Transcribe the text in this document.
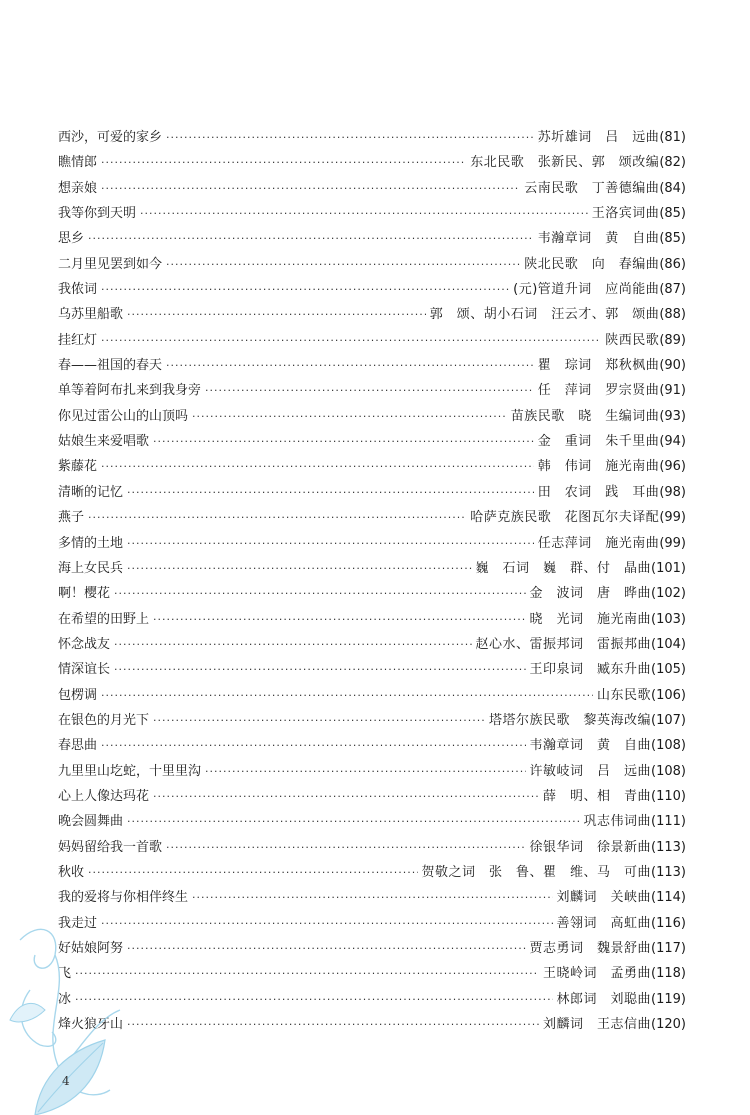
西沙，可爱的家乡 ·····	苏圻雄词　吕　远曲 (81)
瞧情郎 ·····	东北民歌　张新民、郭　颂改编 (82)
想亲娘 ·····	云南民歌　丁善德编曲 (84)
我等你到天明 ·····	王洛宾词曲 (85)
思乡 ·····	韦瀚章词　黄　自曲 (85)
二月里见罢到如今 ·····	陕北民歌　向　春编曲 (86)
我侬词 ·····	(元)管道升词　应尚能曲 (87)
乌苏里船歌 ·····	郭　颂、胡小石词　汪云才、郭　颂曲 (88)
挂红灯 ·····	陕西民歌 (89)
春——祖国的春天 ·····	瞿　琮词　郑秋枫曲 (90)
单等着阿布扎来到我身旁 ·····	任　萍词　罗宗贤曲 (91)
你见过雷公山的山顶吗 ·····	苗族民歌　晓　生编词曲 (93)
姑娘生来爱唱歌 ·····	金　重词　朱千里曲 (94)
紫藤花 ·····	韩　伟词　施光南曲 (96)
清晰的记忆 ·····	田　农词　践　耳曲 (98)
燕子 ·····	哈萨克族民歌　花图瓦尔夫译配 (99)
多情的土地 ·····	任志萍词　施光南曲 (99)
海上女民兵 ·····	巍　石词　巍　群、付　晶曲 (101)
啊！樱花 ·····	金　波词　唐　晔曲 (102)
在希望的田野上 ·····	晓　光词　施光南曲 (103)
怀念战友 ·····	赵心水、雷振邦词　雷振邦曲 (104)
情深谊长 ·····	王印泉词　臧东升曲 (105)
包楞调 ·····	山东民歌 (106)
在银色的月光下 ·····	塔塔尔族民歌　黎英海改编 (107)
春思曲 ·····	韦瀚章词　黄　自曲 (108)
九里里山圪蛇，十里里沟 ·····	许敏岐词　吕　远曲 (108)
心上人像达玛花 ·····	薛　明、相　青曲 (110)
晚会圆舞曲 ·····	巩志伟词曲 (111)
妈妈留给我一首歌 ·····	徐银华词　徐景新曲 (113)
秋收 ·····	贺敬之词　张　鲁、瞿　维、马　可曲 (113)
我的爱将与你相伴终生 ·····	刘麟词　关峡曲 (114)
我走过 ·····	善翎词　高虹曲 (116)
好姑娘阿努 ·····	贾志勇词　魏景舒曲 (117)
飞 ·····	王晓岭词　孟勇曲 (118)
冰 ·····	林郎词　刘聪曲 (119)
烽火狼牙山 ·····	刘麟词　王志信曲 (120)
4
